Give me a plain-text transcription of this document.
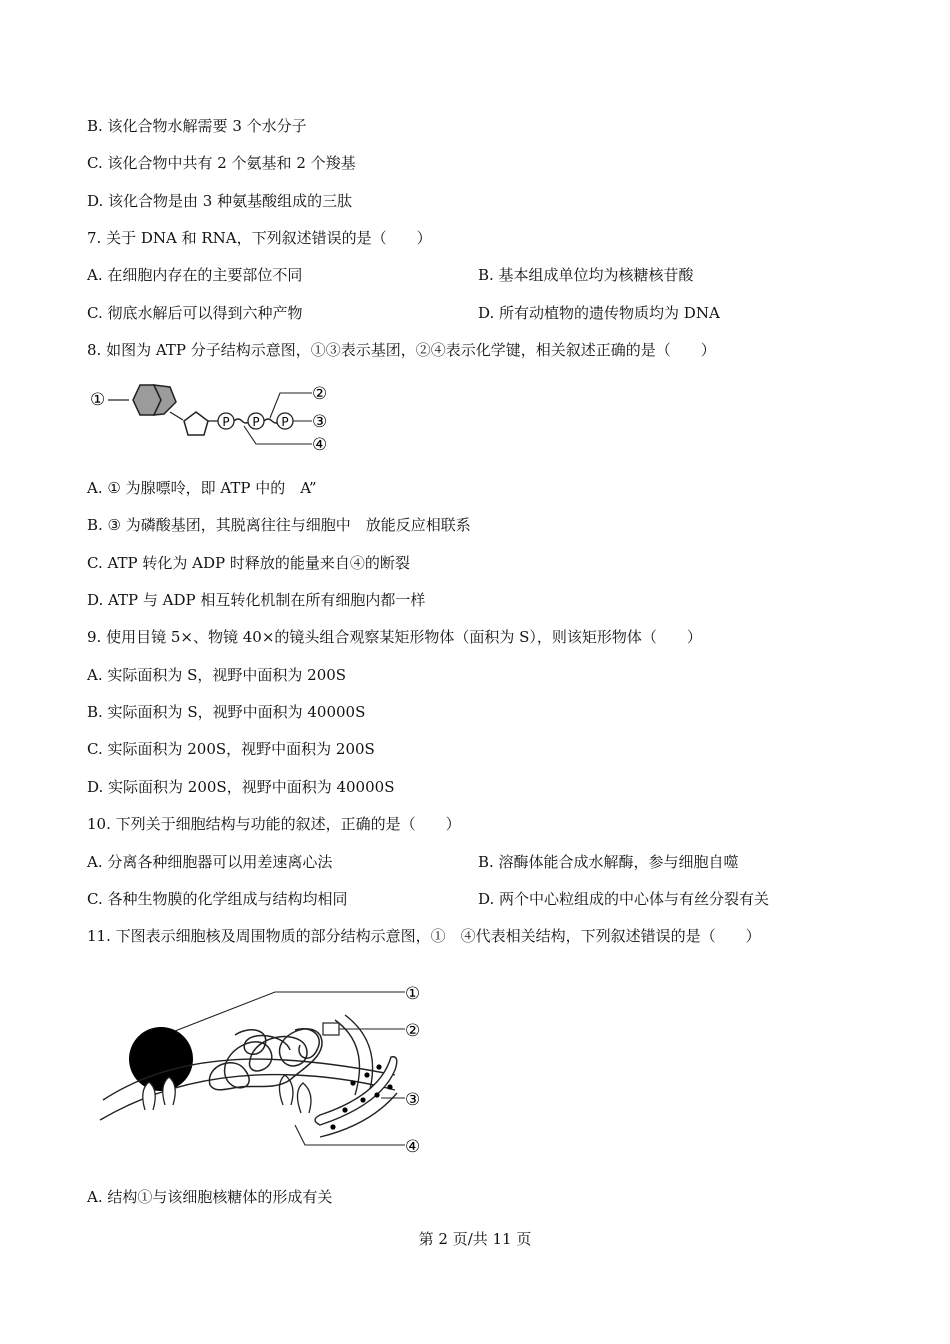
B. 该化合物水解需要 3 个水分子
C. 该化合物中共有 2 个氨基和 2 个羧基
D. 该化合物是由 3 种氨基酸组成的三肽
7. 关于 DNA 和 RNA，下列叙述错误的是（　　）
A. 在细胞内存在的主要部位不同	B. 基本组成单位均为核糖核苷酸
C. 彻底水解后可以得到六种产物	D. 所有动植物的遗传物质均为 DNA
8. 如图为 ATP 分子结构示意图，①③表示基团，②④表示化学键，相关叙述正确的是（　　）
①
P P P
②
③
④
A. ① 为腺嘌呤，即 ATP 中的　A”
B. ③ 为磷酸基团，其脱离往往与细胞中　放能反应相联系
C. ATP 转化为 ADP 时释放的能量来自④的断裂
D. ATP 与 ADP 相互转化机制在所有细胞内都一样
9. 使用目镜 5×、物镜 40×的镜头组合观察某矩形物体（面积为 S），则该矩形物体（　　）
A. 实际面积为 S，视野中面积为 200S
B. 实际面积为 S，视野中面积为 40000S
C. 实际面积为 200S，视野中面积为 200S
D. 实际面积为 200S，视野中面积为 40000S
10. 下列关于细胞结构与功能的叙述，正确的是（　　）
A. 分离各种细胞器可以用差速离心法	B. 溶酶体能合成水解酶，参与细胞自噬
C. 各种生物膜的化学组成与结构均相同	D. 两个中心粒组成的中心体与有丝分裂有关
11. 下图表示细胞核及周围物质的部分结构示意图，①　④代表相关结构，下列叙述错误的是（　　）
①
②
③
④
A. 结构①与该细胞核糖体的形成有关
第 2 页/共 11 页
